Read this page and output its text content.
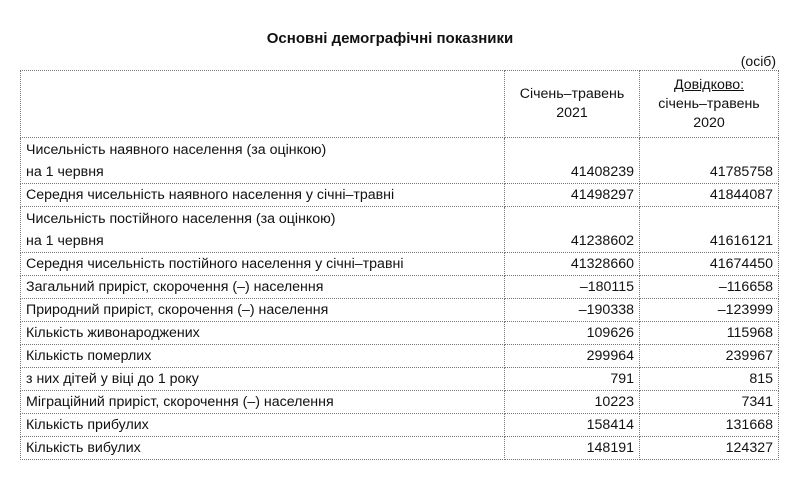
Основні демографічні показники
(осіб)
	Січень–травень 2021	Довідково:
січень–травень 2020
Чисельність наявного населення (за оцінкою)
на 1 червня	41408239	41785758
Середня чисельність наявного населення у січні–травні	41498297	41844087
Чисельність постійного населення (за оцінкою)
на 1 червня	41238602	41616121
Середня чисельність постійного населення у січні–травні	41328660	41674450
Загальний приріст, скорочення (–) населення	–180115	–116658
Природний приріст, скорочення (–) населення	–190338	–123999
Кількість живонароджених	109626	115968
Кількість померлих	299964	239967
з них дітей у віці до 1 року	791	815
Міграційний приріст, скорочення (–) населення	10223	7341
Кількість прибулих	158414	131668
Кількість вибулих	148191	124327
